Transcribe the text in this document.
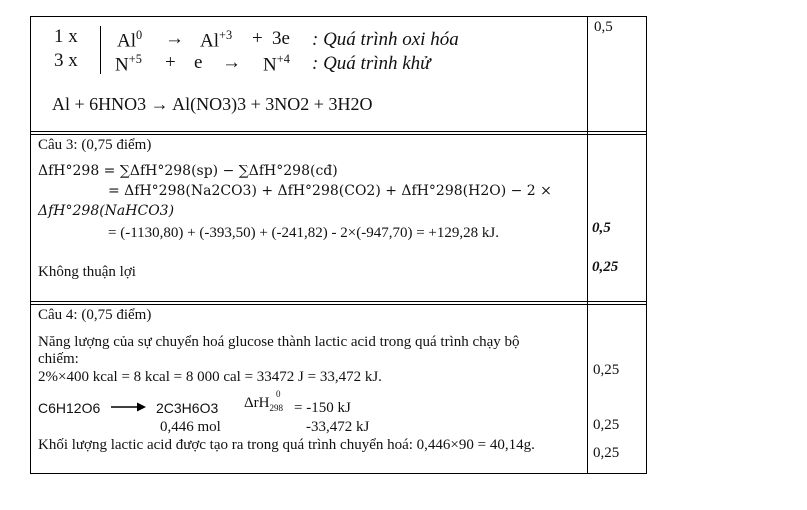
1 x
3 x
$Al^0 \to Al^{+3} + 3e$ : Quá trình oxi hóa
$N^{+5} + e \to N^{+4}$ : Quá trình khử
Al + 6HNO3 → Al(NO3)3 + 3NO2 + 3H2O
0,5
Câu 3: (0,75 điểm)
ΔfH°298 = ∑ΔfH°298(sp) − ∑ΔfH°298(cđ)
= ΔfH°298(Na2CO3) + ΔfH°298(CO2) + ΔfH°298(H2O) − 2 ×
ΔfH°298(NaHCO3)
= (-1130,80) + (-393,50) + (-241,82) - 2×(-947,70) = +129,28 kJ.
Không thuận lợi
0,5
0,25
Câu 4: (0,75 điểm)
Năng lượng của sự chuyển hoá glucose thành lactic acid trong quá trình chạy bộ
chiếm:
2%×400 kcal = 8 kcal = 8 000 cal = 33472 J = 33,472 kJ.
C6H12O6 → 2C3H6O3 ΔrH$_{298}$
0
= -150 kJ
0,446 mol	-33,472 kJ
Khối lượng lactic acid được tạo ra trong quá trình chuyển hoá: 0,446×90 = 40,14g.
0,25
0,25
0,25
